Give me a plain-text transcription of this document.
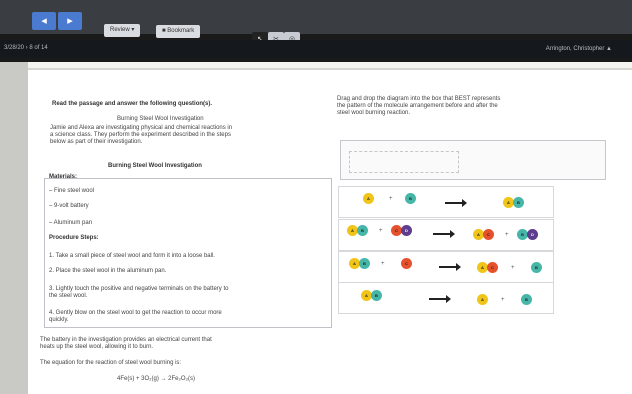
◂	▸
Review ▾	■ Bookmark
3/28/20 › 8 of 14	Arrington, Christopher ▲
Read the passage and answer the following question(s).
Burning Steel Wool Investigation
Jamie and Alexa are investigating physical and chemical reactions in
a science class. They perform the experiment described in the steps
below as part of their investigation.
Burning Steel Wool Investigation
Materials:
– Fine steel wool
– 9-volt battery
– Aluminum pan
Procedure Steps:
1. Take a small piece of steel wool and form it into a loose ball.
2. Place the steel wool in the aluminum pan.
3. Lightly touch the positive and negative terminals on the battery to
the steel wool.
4. Gently blow on the steel wool to get the reaction to occur more
quickly.
The battery in the investigation provides an electrical current that
heats up the steel wool, allowing it to burn.
The equation for the reaction of steel wool burning is:
4Fe(s) + 3O₂(g) → 2Fe₂O₃(s)
Drag and drop the diagram into the box that BEST represents
the pattern of the molecule arrangement before and after the
steel wool burning reaction.
A	+	B
A	B
A	B	+	C	D
A	C	+	B	D
A	B	+	C
A	C	+	B
A	B
A	+	B
